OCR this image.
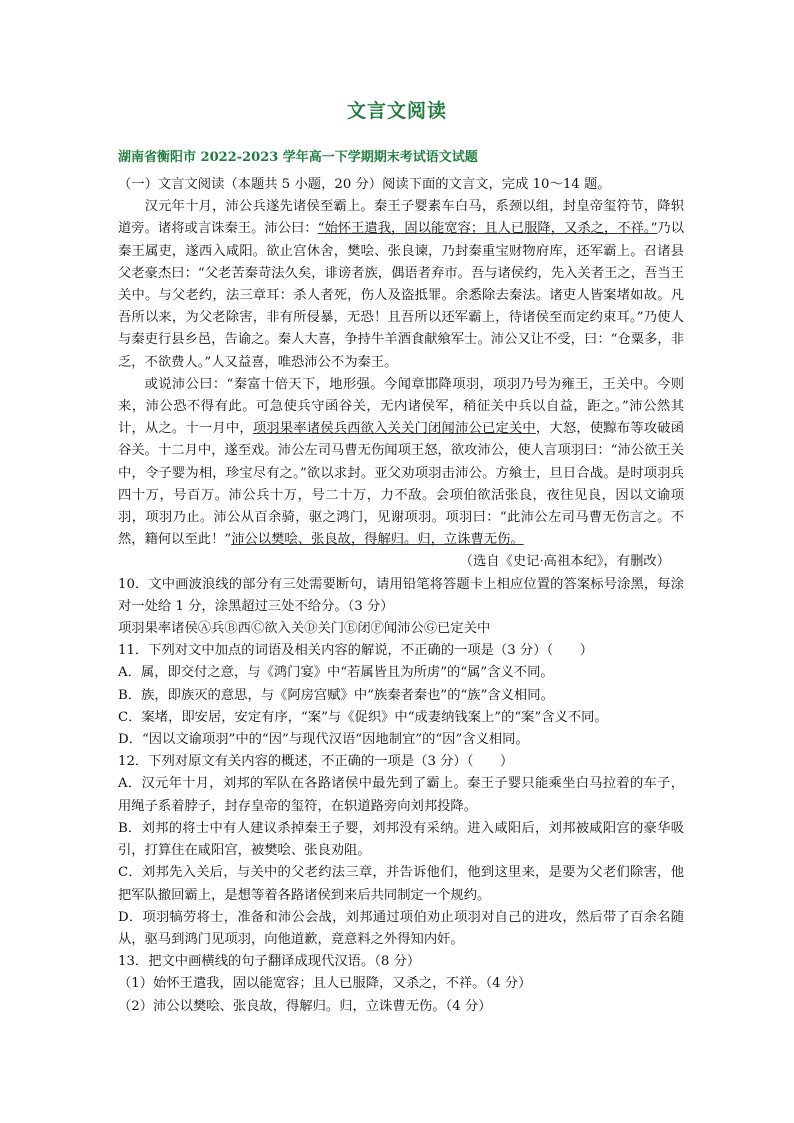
文言文阅读
湖南省衡阳市 2022-2023 学年高一下学期期末考试语文试题

（一）文言文阅读（本题共 5 小题，20 分）阅读下面的文言文，完成 10～14 题。

汉元年十月，沛公兵遂先诸侯至霸上。秦王子婴素车白马，系颈以组，封皇帝玺符节，降轵道旁。诸将或言诛秦王。沛公曰：“始怀王遣我，固以能宽容；且人已服降，又杀之，不祥。”乃以秦王属吏，遂西入咸阳。欲止宫休舍，樊哙、张良谏，乃封秦重宝财物府库，还军霸上。召诸县父老豪杰曰：“父老苦秦苛法久矣，诽谤者族，偶语者弃市。吾与诸侯约，先入关者王之，吾当王关中。与父老约，法三章耳：杀人者死，伤人及盗抵罪。余悉除去秦法。诸吏人皆案堵如故。凡吾所以来，为父老除害，非有所侵暴，无恐！且吾所以还军霸上，待诸侯至而定约束耳。”乃使人与秦吏行县乡邑，告谕之。秦人大喜，争持牛羊酒食献飨军士。沛公又让不受，曰：“仓粟多，非乏，不欲费人。”人又益喜，唯恐沛公不为秦王。

或说沛公曰：“秦富十倍天下，地形强。今闻章邯降项羽，项羽乃号为雍王，王关中。今则来，沛公恐不得有此。可急使兵守函谷关，无内诸侯军，稍征关中兵以自益，距之。”沛公然其计，从之。十一月中，项羽果率诸侯兵西欲入关关门闭闻沛公已定关中，大怒，使黥布等攻破函谷关。十二月中，遂至戏。沛公左司马曹无伤闻项王怒，欲攻沛公，使人言项羽曰：“沛公欲王关中，令子婴为相，珍宝尽有之。”欲以求封。亚父劝项羽击沛公。方飨士，旦日合战。是时项羽兵四十万，号百万。沛公兵十万，号二十万，力不敌。会项伯欲活张良，夜往见良，因以文谕项羽，项羽乃止。沛公从百余骑，驱之鸿门，见谢项羽。项羽曰：“此沛公左司马曹无伤言之。不然，籍何以至此！”沛公以樊哙、张良故，得解归。归，立诛曹无伤。

（选自《史记·高祖本纪》，有删改）

10．文中画波浪线的部分有三处需要断句，请用铅笔将答题卡上相应位置的答案标号涂黑，每涂对一处给 1 分，涂黑超过三处不给分。（3 分）

项羽果率诸侯Ⓐ兵Ⓑ西Ⓒ欲入关Ⓓ关门Ⓔ闭Ⓕ闻沛公Ⓖ已定关中

11．下列对文中加点的词语及相关内容的解说，不正确的一项是（3 分）（　　）

A．属，即交付之意，与《鸿门宴》中“若属皆且为所虏”的“属”含义不同。

B．族，即族灭的意思，与《阿房宫赋》中“族秦者秦也”的“族”含义相同。

C．案堵，即安居，安定有序，“案”与《促织》中“成妻纳钱案上”的“案”含义不同。

D．“因以文谕项羽”中的“因”与现代汉语“因地制宜”的“因”含义相同。

12．下列对原文有关内容的概述，不正确的一项是（3 分）（　　）

A．汉元年十月，刘邦的军队在各路诸侯中最先到了霸上。秦王子婴只能乘坐白马拉着的车子，用绳子系着脖子，封存皇帝的玺符，在轵道路旁向刘邦投降。

B．刘邦的将士中有人建议杀掉秦王子婴，刘邦没有采纳。进入咸阳后，刘邦被咸阳宫的豪华吸引，打算住在咸阳宫，被樊哙、张良劝阻。

C．刘邦先入关后，与关中的父老约法三章，并告诉他们，他到这里来，是要为父老们除害，他把军队撤回霸上，是想等着各路诸侯到来后共同制定一个规约。

D．项羽犒劳将士，准备和沛公会战，刘邦通过项伯劝止项羽对自己的进攻，然后带了百余名随从，驱马到鸿门见项羽，向他道歉，竟意料之外得知内奸。

13．把文中画横线的句子翻译成现代汉语。（8 分）

（1）始怀王遣我，固以能宽容；且人已服降，又杀之，不祥。（4 分）

（2）沛公以樊哙、张良故，得解归。归，立诛曹无伤。（4 分）
